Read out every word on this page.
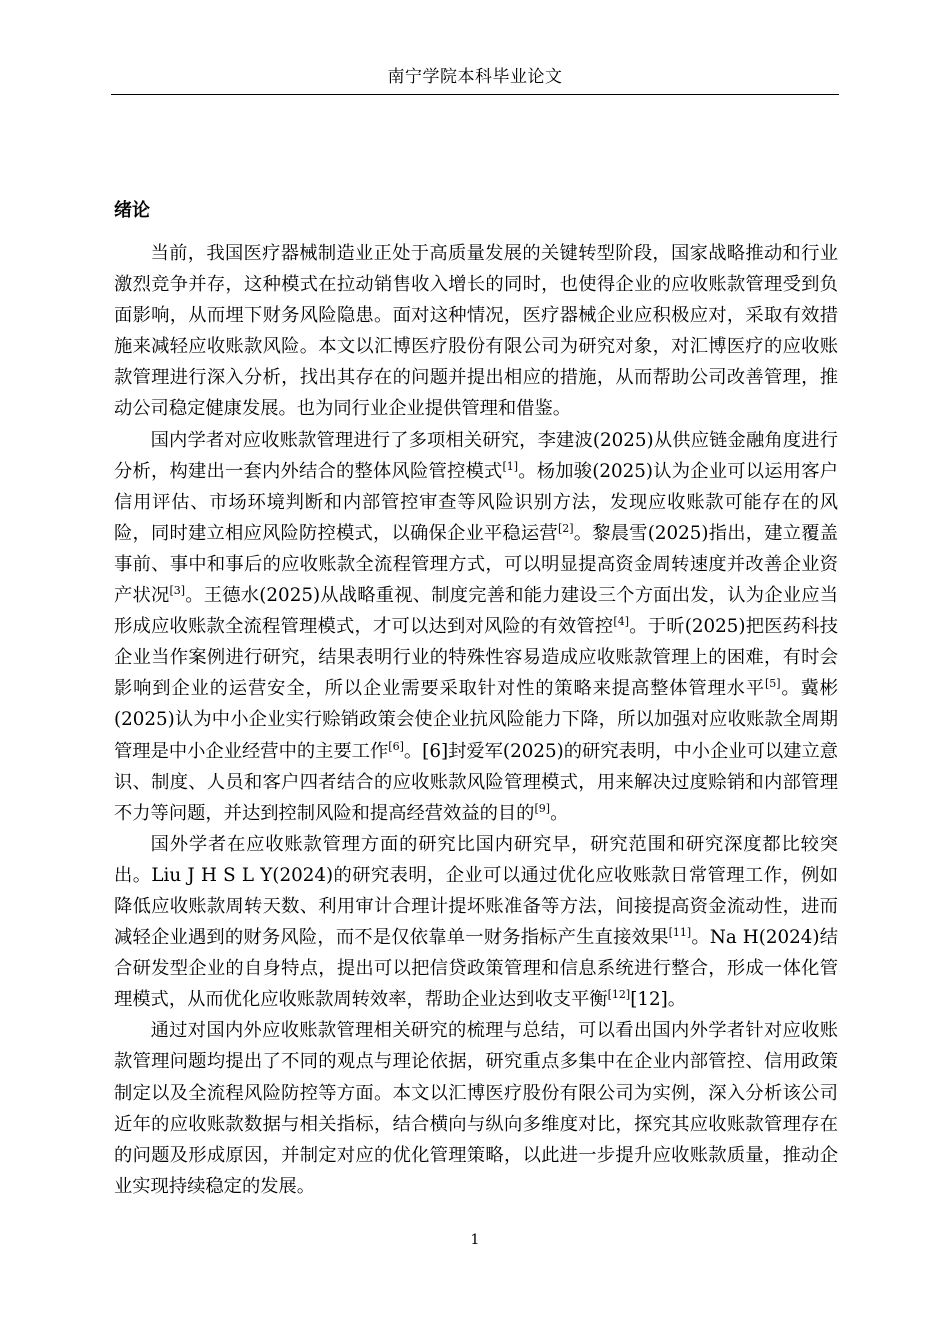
南宁学院本科毕业论文
绪论

当前，我国医疗器械制造业正处于高质量发展的关键转型阶段，国家战略推动和行业激烈竞争并存，这种模式在拉动销售收入增长的同时，也使得企业的应收账款管理受到负面影响，从而埋下财务风险隐患。面对这种情况，医疗器械企业应积极应对，采取有效措施来减轻应收账款风险。本文以汇博医疗股份有限公司为研究对象，对汇博医疗的应收账款管理进行深入分析，找出其存在的问题并提出相应的措施，从而帮助公司改善管理，推动公司稳定健康发展。也为同行业企业提供管理和借鉴。

国内学者对应收账款管理进行了多项相关研究，李建波(2025)从供应链金融角度进行分析，构建出一套内外结合的整体风险管控模式[1]。杨加骏(2025)认为企业可以运用客户信用评估、市场环境判断和内部管控审查等风险识别方法，发现应收账款可能存在的风险，同时建立相应风险防控模式，以确保企业平稳运营[2]。黎晨雪(2025)指出，建立覆盖事前、事中和事后的应收账款全流程管理方式，可以明显提高资金周转速度并改善企业资产状况[3]。王德水(2025)从战略重视、制度完善和能力建设三个方面出发，认为企业应当形成应收账款全流程管理模式，才可以达到对风险的有效管控[4]。于昕(2025)把医药科技企业当作案例进行研究，结果表明行业的特殊性容易造成应收账款管理上的困难，有时会影响到企业的运营安全，所以企业需要采取针对性的策略来提高整体管理水平[5]。冀彬(2025)认为中小企业实行赊销政策会使企业抗风险能力下降，所以加强对应收账款全周期管理是中小企业经营中的主要工作[6]。[6]封爱军(2025)的研究表明，中小企业可以建立意识、制度、人员和客户四者结合的应收账款风险管理模式，用来解决过度赊销和内部管理不力等问题，并达到控制风险和提高经营效益的目的[9]。

国外学者在应收账款管理方面的研究比国内研究早，研究范围和研究深度都比较突出。Liu J H S L Y(2024)的研究表明，企业可以通过优化应收账款日常管理工作，例如降低应收账款周转天数、利用审计合理计提坏账准备等方法，间接提高资金流动性，进而减轻企业遇到的财务风险，而不是仅依靠单一财务指标产生直接效果[11]。Na H(2024)结合研发型企业的自身特点，提出可以把信贷政策管理和信息系统进行整合，形成一体化管理模式，从而优化应收账款周转效率，帮助企业达到收支平衡[12][12]。

通过对国内外应收账款管理相关研究的梳理与总结，可以看出国内外学者针对应收账款管理问题均提出了不同的观点与理论依据，研究重点多集中在企业内部管控、信用政策制定以及全流程风险防控等方面。本文以汇博医疗股份有限公司为实例，深入分析该公司近年的应收账款数据与相关指标，结合横向与纵向多维度对比，探究其应收账款管理存在的问题及形成原因，并制定对应的优化管理策略，以此进一步提升应收账款质量，推动企业实现持续稳定的发展。

1
